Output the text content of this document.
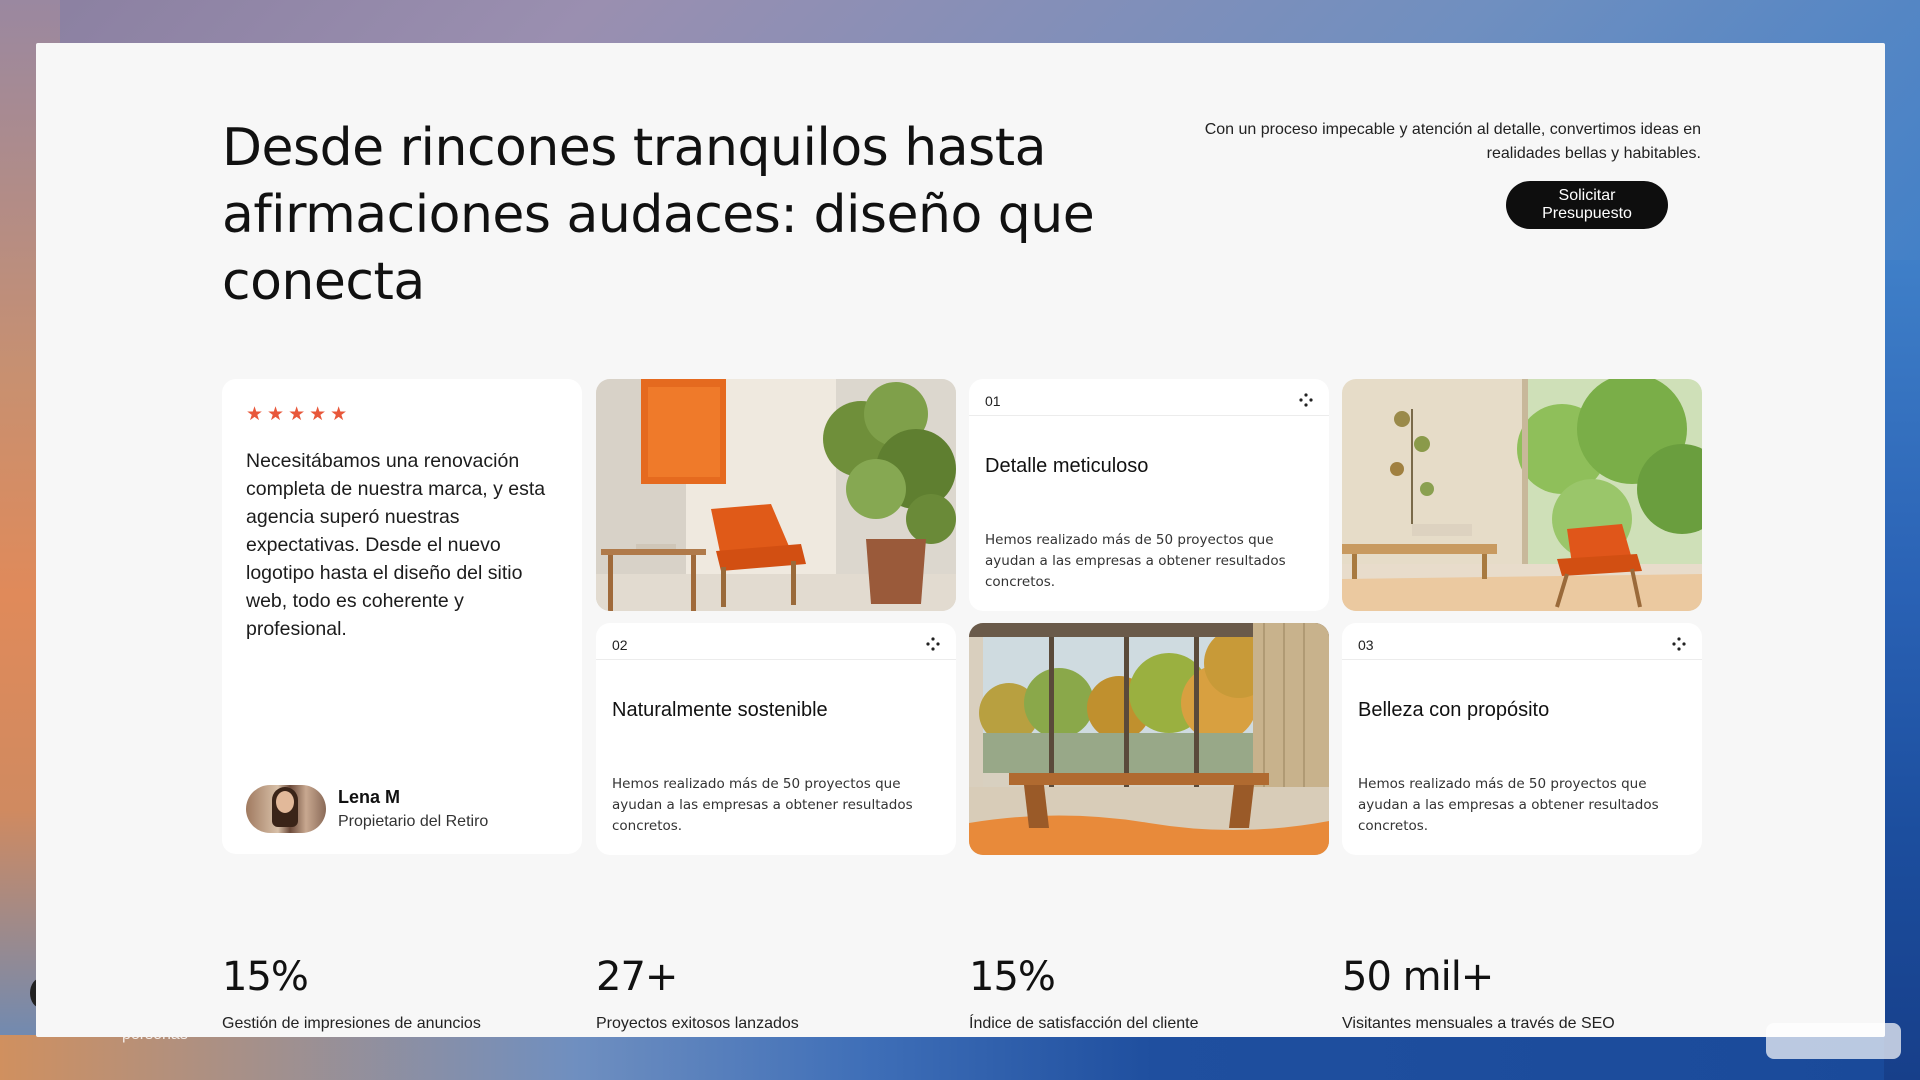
Desde rincones tranquilos hasta afirmaciones audaces: diseño que conecta

Con un proceso impecable y atención al detalle, convertimos ideas en realidades bellas y habitables.

Solicitar Presupuesto
★★★★★

Necesitábamos una renovación completa de nuestra marca, y esta agencia superó nuestras expectativas. Desde el nuevo logotipo hasta el diseño del sitio web, todo es coherente y profesional.

Lena M
Propietario del Retiro
01
Detalle meticuloso

Hemos realizado más de 50 proyectos que ayudan a las empresas a obtener resultados concretos.

02
Naturalmente sostenible

Hemos realizado más de 50 proyectos que ayudan a las empresas a obtener resultados concretos.

03
Belleza con propósito

Hemos realizado más de 50 proyectos que ayudan a las empresas a obtener resultados concretos.

15%
Gestión de impresiones de anuncios
27+
Proyectos exitosos lanzados
15%
Índice de satisfacción del cliente
50 mil+
Visitantes mensuales a través de SEO
